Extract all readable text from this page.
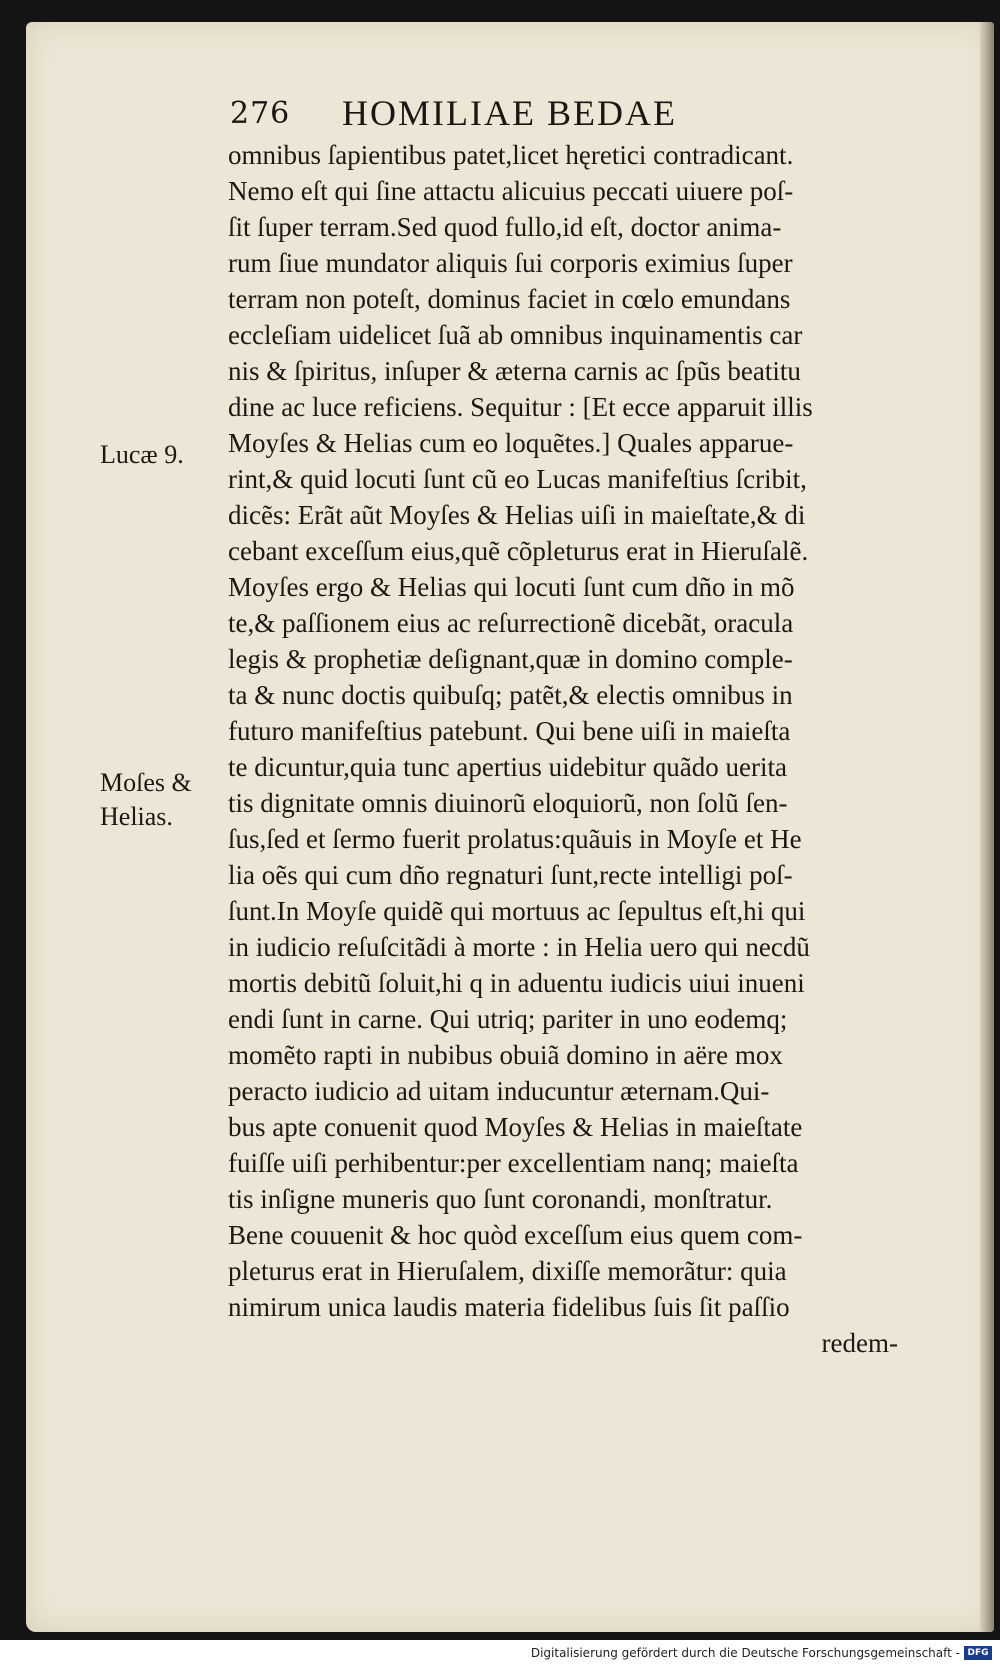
276 HOMILIAE BEDAE
Lucæ 9.
Moſes &
Helias.
omnibus ſapientibus patet,licet hęretici contradicant.
Nemo eſt qui ſine attactu alicuius peccati uiuere poſ-
ſit ſuper terram.Sed quod fullo,id eſt, doctor anima-
rum ſiue mundator aliquis ſui corporis eximius ſuper
terram non poteſt, dominus faciet in cœlo emundans
eccleſiam uidelicet ſuã ab omnibus inquinamentis car
nis & ſpiritus, inſuper & æterna carnis ac ſpũs beatitu
dine ac luce reficiens. Sequitur : [Et ecce apparuit illis
Moyſes & Helias cum eo loquẽtes.] Quales apparue-
rint,& quid locuti ſunt cũ eo Lucas manifeſtius ſcribit,
dicẽs: Erãt aũt Moyſes & Helias uiſi in maieſtate,& di
cebant exceſſum eius,quẽ cõpleturus erat in Hieruſalẽ.
Moyſes ergo & Helias qui locuti ſunt cum dño in mõ
te,& paſſionem eius ac reſurrectionẽ dicebãt, oracula
legis & prophetiæ deſignant,quæ in domino comple-
ta & nunc doctis quibuſq; patẽt,& electis omnibus in
futuro manifeſtius patebunt. Qui bene uiſi in maieſta
te dicuntur,quia tunc apertius uidebitur quãdo uerita
tis dignitate omnis diuinorũ eloquiorũ, non ſolũ ſen-
ſus,ſed et ſermo fuerit prolatus:quãuis in Moyſe et He
lia oẽs qui cum dño regnaturi ſunt,recte intelligi poſ-
ſunt.In Moyſe quidẽ qui mortuus ac ſepultus eſt,hi qui
in iudicio reſuſcitãdi à morte : in Helia uero qui necdũ
mortis debitũ ſoluit,hi q in aduentu iudicis uiui inueni
endi ſunt in carne. Qui utriq; pariter in uno eodemq;
momẽto rapti in nubibus obuiã domino in aëre mox
peracto iudicio ad uitam inducuntur æternam.Qui-
bus apte conuenit quod Moyſes & Helias in maieſtate
fuiſſe uiſi perhibentur:per excellentiam nanq; maieſta
tis inſigne muneris quo ſunt coronandi, monſtratur.
Bene couuenit & hoc quòd exceſſum eius quem com-
pleturus erat in Hieruſalem, dixiſſe memorãtur: quia
nimirum unica laudis materia fidelibus ſuis ſit paſſio
redem-
Digitalisierung gefördert durch die Deutsche Forschungsgemeinschaft - DFG
